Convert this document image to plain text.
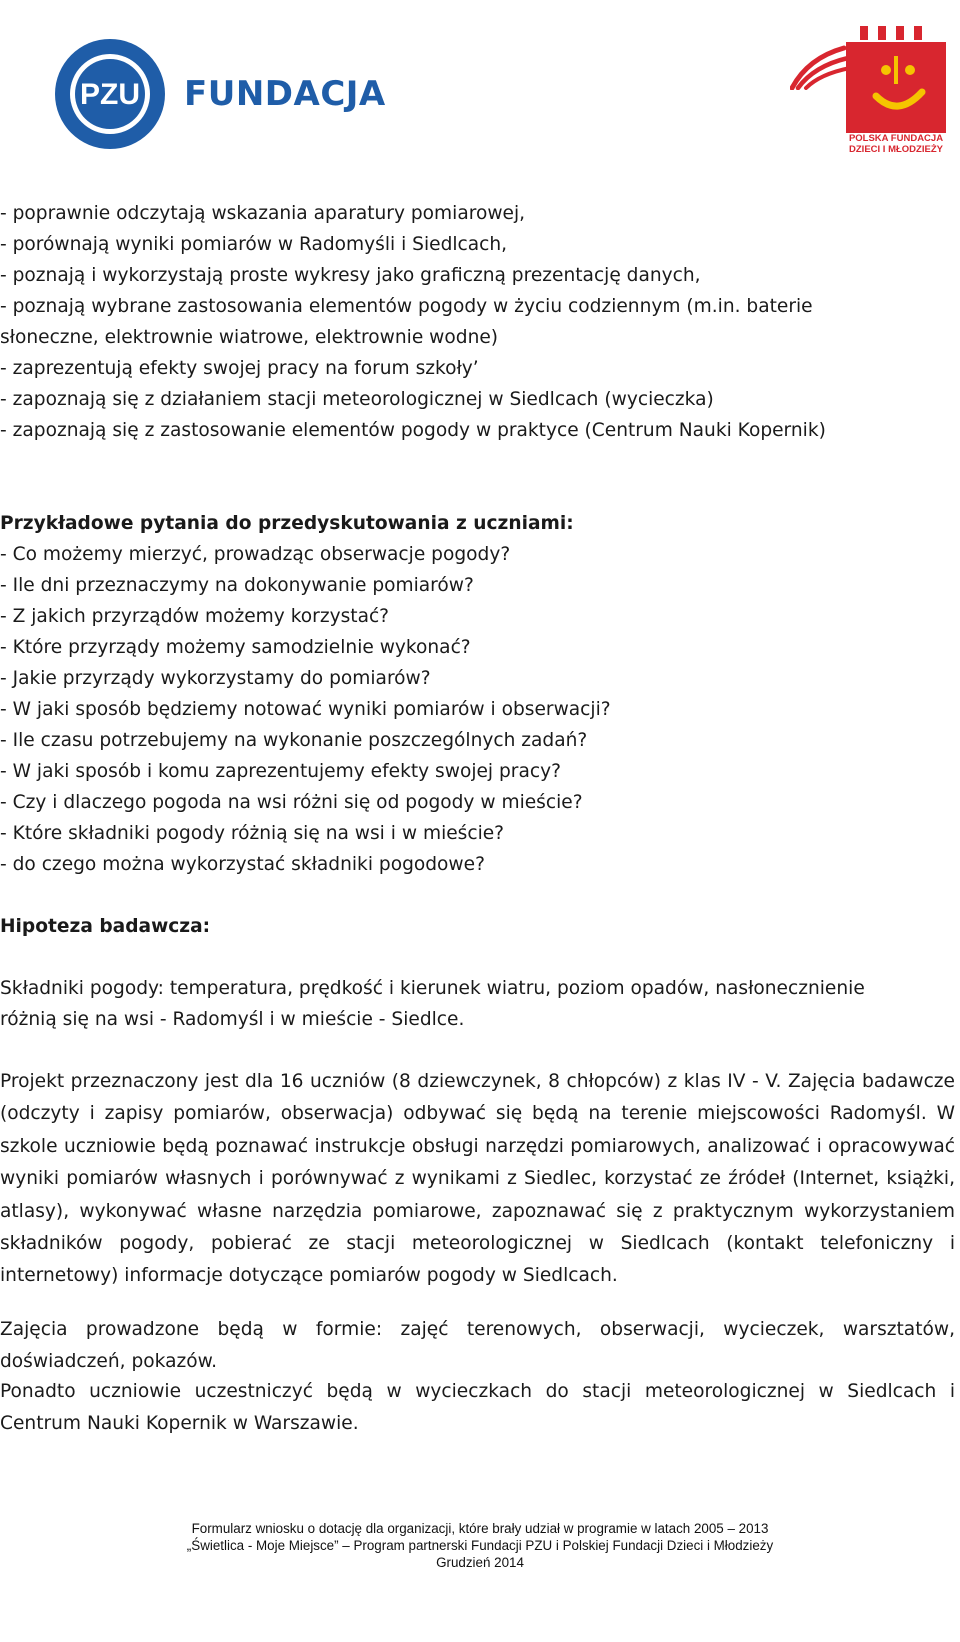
PZU FUNDACJA
POLSKA FUNDACJA
DZIECI I MŁODZIEŻY
- poprawnie odczytają wskazania aparatury pomiarowej,
- porównają wyniki pomiarów w Radomyśli i Siedlcach,
- poznają i wykorzystają proste wykresy jako graficzną prezentację danych,
- poznają wybrane zastosowania elementów pogody w życiu codziennym (m.in. baterie
słoneczne, elektrownie wiatrowe, elektrownie wodne)
- zaprezentują efekty swojej pracy na forum szkoły’
- zapoznają się z działaniem stacji meteorologicznej w Siedlcach (wycieczka)
- zapoznają się z zastosowanie elementów pogody w praktyce (Centrum Nauki Kopernik)
Przykładowe pytania do przedyskutowania z uczniami:
- Co możemy mierzyć, prowadząc obserwacje pogody?
- Ile dni przeznaczymy na dokonywanie pomiarów?
- Z jakich przyrządów możemy korzystać?
- Które przyrządy możemy samodzielnie wykonać?
- Jakie przyrządy wykorzystamy do pomiarów?
- W jaki sposób będziemy notować wyniki pomiarów i obserwacji?
- Ile czasu potrzebujemy na wykonanie poszczególnych zadań?
- W jaki sposób i komu zaprezentujemy efekty swojej pracy?
- Czy i dlaczego pogoda na wsi różni się od pogody w mieście?
- Które składniki pogody różnią się na wsi i w mieście?
- do czego można wykorzystać składniki pogodowe?
Hipoteza badawcza:
Składniki pogody: temperatura, prędkość i kierunek wiatru, poziom opadów, nasłonecznienie
różnią się na wsi - Radomyśl i w mieście - Siedlce.
Projekt przeznaczony jest dla 16 uczniów (8 dziewczynek, 8 chłopców) z klas IV - V. Zajęcia badawcze (odczyty i zapisy pomiarów, obserwacja) odbywać się będą na terenie miejscowości Radomyśl. W szkole uczniowie będą poznawać instrukcje obsługi narzędzi pomiarowych, analizować i opracowywać wyniki pomiarów własnych i porównywać z wynikami z Siedlec, korzystać ze źródeł (Internet, książki, atlasy), wykonywać własne narzędzia pomiarowe, zapoznawać się z praktycznym wykorzystaniem składników pogody, pobierać ze stacji meteorologicznej w Siedlcach (kontakt telefoniczny i internetowy) informacje dotyczące pomiarów pogody w Siedlcach.
Zajęcia prowadzone będą w formie: zajęć terenowych, obserwacji, wycieczek, warsztatów, doświadczeń, pokazów.
Ponadto uczniowie uczestniczyć będą w wycieczkach do stacji meteorologicznej w Siedlcach i Centrum Nauki Kopernik w Warszawie.
Formularz wniosku o dotację dla organizacji, które brały udział w programie w latach 2005 – 2013
„Świetlica - Moje Miejsce” – Program partnerski Fundacji PZU i Polskiej Fundacji Dzieci i Młodzieży
Grudzień 2014
